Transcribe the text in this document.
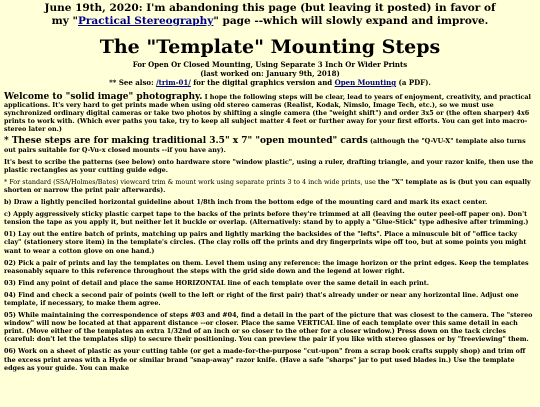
June 19th, 2020: I'm abandoning this page (but leaving it posted) in favor of
my "Practical Stereography" page --which will slowly expand and improve.
The "Template" Mounting Steps
For Open Or Closed Mounting, Using Separate 3 Inch Or Wider Prints
(last worked on: January 9th, 2018)
** See also: /trim-01/ for the digital graphics version and Open Mounting (a PDF).

Welcome to "solid image" photography. I hope the following steps will be clear, lead to years of enjoyment, creativity, and practical applications. It's very hard to get prints made when using old stereo cameras (Realist, Kodak, Nimslo, Image Tech, etc.), so we must use synchronized ordinary digital cameras or take two photos by shifting a single camera (the "weight shift") and order 3x5 or (the often sharper) 4x6 prints to work with. (Which ever paths you take, try to keep all subject matter 4 feet or further away for your first efforts. You can get into macro-stereo later on.)

* These steps are for making traditional 3.5" x 7" "open mounted" cards (although the "Q-VU-X" template also turns out pairs suitable for Q-Vu-x closed mounts --if you have any).

It's best to scribe the patterns (see below) onto hardware store "window plastic", using a ruler, drafting triangle, and your razor knife, then use the plastic rectangles as your cutting guide edge.

* For standard (SSA/Holmes/Bates) viewcard trim & mount work using separate prints 3 to 4 inch wide prints, use the "X" template as is (but you can equally shorten or narrow the print pair afterwards).

b) Draw a lightly penciled horizontal guideline about 1/8th inch from the bottom edge of the mounting card and mark its exact center.

c) Apply aggressively sticky plastic carpet tape to the backs of the prints before they're trimmed at all (leaving the outer peel-off paper on). Don't tension the tape as you apply it, but neither let it buckle or overlap. (Alternatively: stand by to apply a "Glue-Stick" type adhesive after trimming.)

01) Lay out the entire batch of prints, matching up pairs and lightly marking the backsides of the "lefts". Place a minuscule bit of "office tacky clay" (stationery store item) in the template's circles. (The clay rolls off the prints and dry fingerprints wipe off too, but at some points you might want to wear a cotton glove on one hand.)

02) Pick a pair of prints and lay the templates on them. Level them using any reference: the image horizon or the print edges. Keep the templates reasonably square to this reference throughout the steps with the grid side down and the legend at lower right.

03) Find any point of detail and place the same HORIZONTAL line of each template over the same detail in each print.

04) Find and check a second pair of points (well to the left or right of the first pair) that's already under or near any horizontal line. Adjust one template, if necessary, to make them agree.

05) While maintaining the correspondence of steps #03 and #04, find a detail in the part of the picture that was closest to the camera. The "stereo window" will now be located at that apparent distance --or closer. Place the same VERTICAL line of each template over this same detail in each print. (Move either of the templates an extra 1/32nd of an inch or so closer to the other for a closer window.) Press down on the tack circles (careful: don't let the templates slip) to secure their positioning. You can preview the pair if you like with stereo glasses or by "freeviewing" them.

06) Work on a sheet of plastic as your cutting table (or get a made-for-the-purpose "cut-upon" from a scrap book crafts supply shop) and trim off the excess print areas with a Hyde or similar brand "snap-away" razor knife. (Have a safe "sharps" jar to put used blades in.) Use the template edges as your guide. You can make
